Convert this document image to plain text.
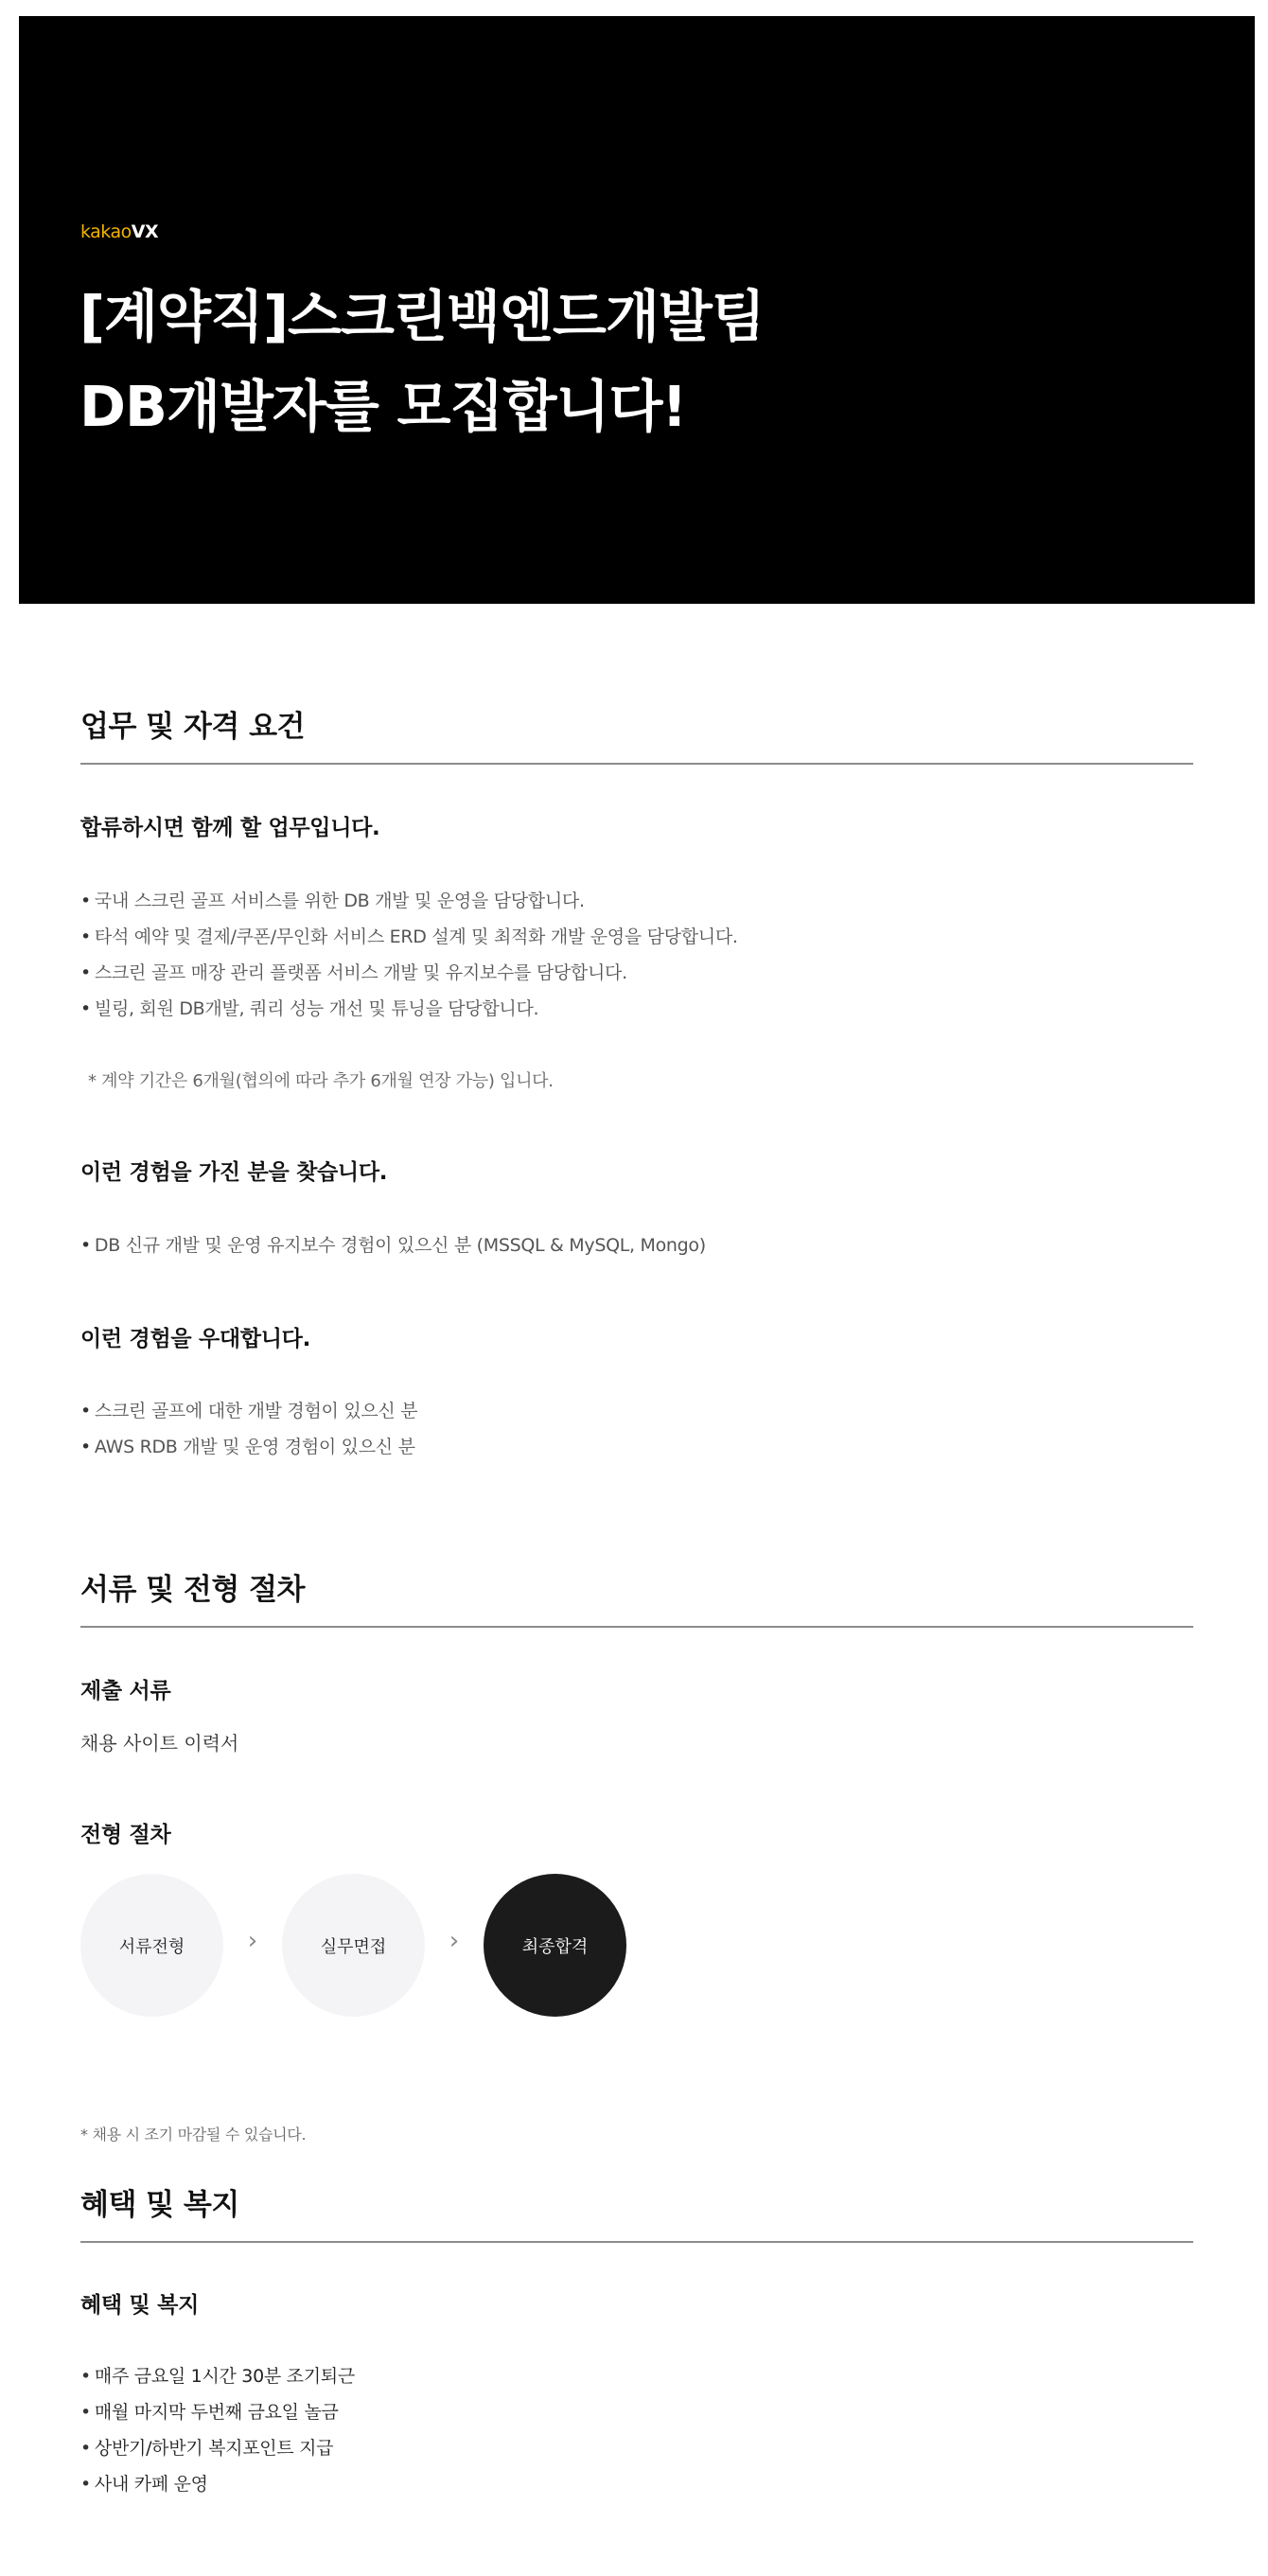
kakaoVX
[계약직]스크린백엔드개발팀
DB개발자를 모집합니다!
업무 및 자격 요건
합류하시면 함께 할 업무입니다.
• 국내 스크린 골프 서비스를 위한 DB 개발 및 운영을 담당합니다.
• 타석 예약 및 결제/쿠폰/무인화 서비스 ERD 설계 및 최적화 개발 운영을 담당합니다.
• 스크린 골프 매장 관리 플랫폼 서비스 개발 및 유지보수를 담당합니다.
• 빌링, 회원 DB개발, 쿼리 성능 개선 및 튜닝을 담당합니다.
* 계약 기간은 6개월(협의에 따라 추가 6개월 연장 가능) 입니다.
이런 경험을 가진 분을 찾습니다.
• DB 신규 개발 및 운영 유지보수 경험이 있으신 분 (MSSQL & MySQL, Mongo)
이런 경험을 우대합니다.
• 스크린 골프에 대한 개발 경험이 있으신 분
• AWS RDB 개발 및 운영 경험이 있으신 분
서류 및 전형 절차
제출 서류
채용 사이트 이력서
전형 절차
서류전형	›	실무면접	›	최종합격
* 채용 시 조기 마감될 수 있습니다.
혜택 및 복지
혜택 및 복지
• 매주 금요일 1시간 30분 조기퇴근
• 매월 마지막 두번째 금요일 놀금
• 상반기/하반기 복지포인트 지급
• 사내 카페 운영
